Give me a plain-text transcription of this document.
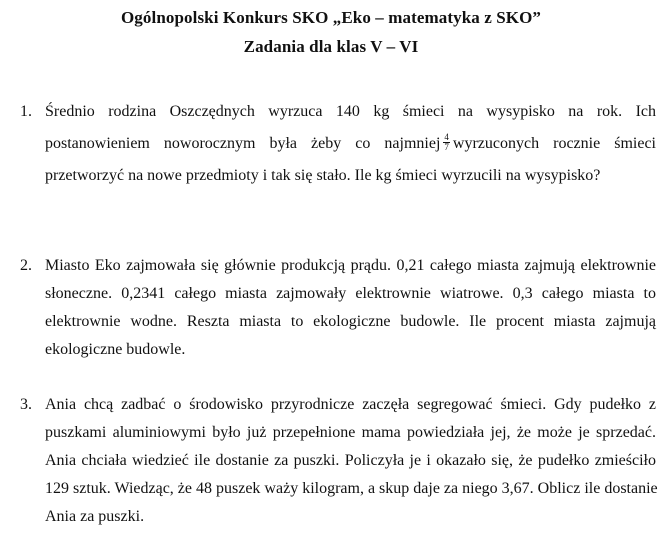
Ogólnopolski Konkurs SKO „Eko – matematyka z SKO”
Zadania dla klas V – VI
1. Średnio rodzina Oszczędnych wyrzuca 140 kg śmieci na wysypisko na rok. Ich
postanowieniem noworocznym była żeby co najmniej $\frac{4}{7}$ wyrzuconych rocznie śmieci
przetworzyć na nowe przedmioty i tak się stało. Ile kg śmieci wyrzucili na wysypisko?
2. Miasto Eko zajmowała się głównie produkcją prądu. 0,21 całego miasta zajmują elektrownie
słoneczne. 0,2341 całego miasta zajmowały elektrownie wiatrowe. 0,3 całego miasta to
elektrownie wodne. Reszta miasta to ekologiczne budowle. Ile procent miasta zajmują
ekologiczne budowle.
3. Ania chcą zadbać o środowisko przyrodnicze zaczęła segregować śmieci. Gdy pudełko z
puszkami aluminiowymi było już przepełnione mama powiedziała jej, że może je sprzedać.
Ania chciała wiedzieć ile dostanie za puszki. Policzyła je i okazało się, że pudełko zmieściło
129 sztuk. Wiedząc, że 48 puszek waży kilogram, a skup daje za niego 3,67. Oblicz ile dostanie
Ania za puszki.
